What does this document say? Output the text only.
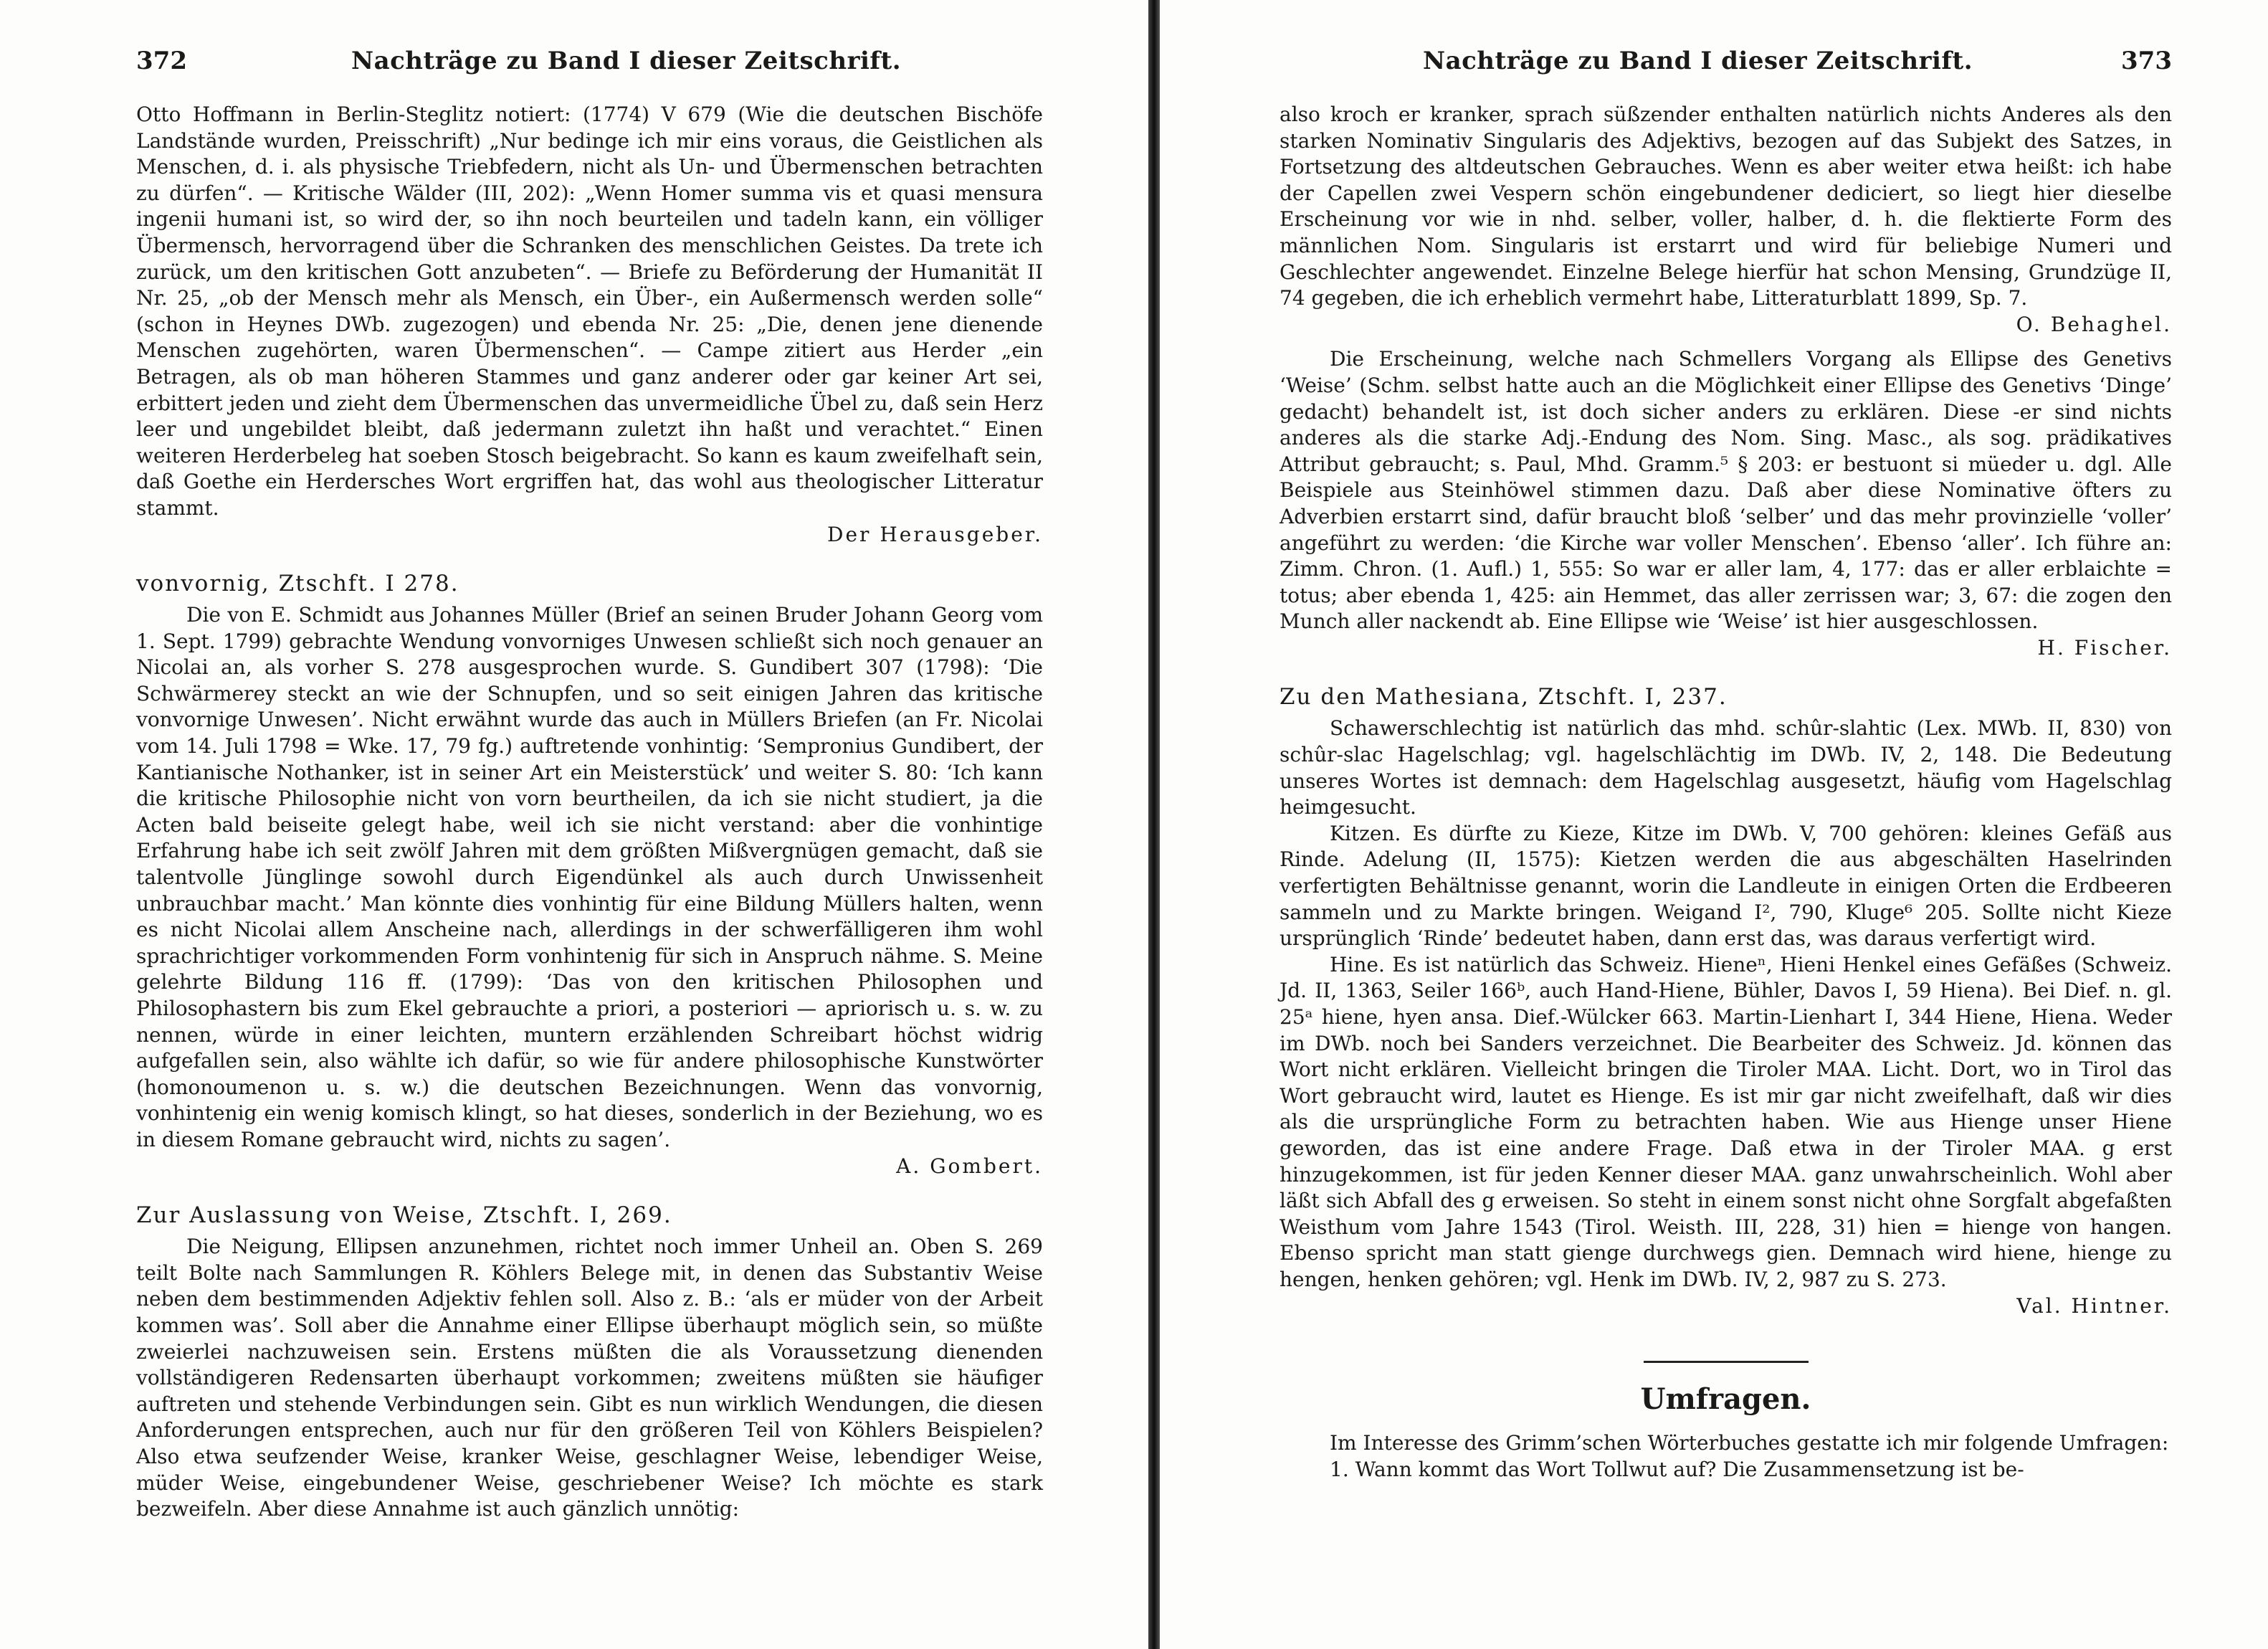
372	Nachträge zu Band I dieser Zeitschrift.

Otto Hoffmann in Berlin-Steglitz notiert: (1774) V 679 (Wie die deutschen Bischöfe Landstände wurden, Preisschrift) „Nur bedinge ich mir eins voraus, die Geistlichen als Menschen, d. i. als physische Triebfedern, nicht als Un- und Übermenschen betrachten zu dürfen“. — Kritische Wälder (III, 202): „Wenn Homer summa vis et quasi mensura ingenii humani ist, so wird der, so ihn noch beurteilen und tadeln kann, ein völliger Übermensch, hervorragend über die Schranken des menschlichen Geistes. Da trete ich zurück, um den kritischen Gott anzubeten“. — Briefe zu Beförderung der Humanität II Nr. 25, „ob der Mensch mehr als Mensch, ein Über-, ein Außermensch werden solle“ (schon in Heynes DWb. zugezogen) und ebenda Nr. 25: „Die, denen jene dienende Menschen zugehörten, waren Übermenschen“. — Campe zitiert aus Herder „ein Betragen, als ob man höheren Stammes und ganz anderer oder gar keiner Art sei, erbittert jeden und zieht dem Übermenschen das unvermeidliche Übel zu, daß sein Herz leer und ungebildet bleibt, daß jedermann zuletzt ihn haßt und verachtet.“ Einen weiteren Herderbeleg hat soeben Stosch beigebracht. So kann es kaum zweifelhaft sein, daß Goethe ein Herdersches Wort ergriffen hat, das wohl aus theologischer Litteratur stammt.

Der Herausgeber.

vonvornig, Ztschft. I 278.

Die von E. Schmidt aus Johannes Müller (Brief an seinen Bruder Johann Georg vom 1. Sept. 1799) gebrachte Wendung vonvorniges Unwesen schließt sich noch genauer an Nicolai an, als vorher S. 278 ausgesprochen wurde. S. Gundibert 307 (1798): ‘Die Schwärmerey steckt an wie der Schnupfen, und so seit einigen Jahren das kritische vonvornige Unwesen’. Nicht erwähnt wurde das auch in Müllers Briefen (an Fr. Nicolai vom 14. Juli 1798 = Wke. 17, 79 fg.) auftretende vonhintig: ‘Sempronius Gundibert, der Kantianische Nothanker, ist in seiner Art ein Meisterstück’ und weiter S. 80: ‘Ich kann die kritische Philosophie nicht von vorn beurtheilen, da ich sie nicht studiert, ja die Acten bald beiseite gelegt habe, weil ich sie nicht verstand: aber die vonhintige Erfahrung habe ich seit zwölf Jahren mit dem größten Mißvergnügen gemacht, daß sie talentvolle Jünglinge sowohl durch Eigendünkel als auch durch Unwissenheit unbrauchbar macht.’ Man könnte dies vonhintig für eine Bildung Müllers halten, wenn es nicht Nicolai allem Anscheine nach, allerdings in der schwerfälligeren ihm wohl sprachrichtiger vorkommenden Form vonhintenig für sich in Anspruch nähme. S. Meine gelehrte Bildung 116 ff. (1799): ‘Das von den kritischen Philosophen und Philosophastern bis zum Ekel gebrauchte a priori, a posteriori — apriorisch u. s. w. zu nennen, würde in einer leichten, muntern erzählenden Schreibart höchst widrig aufgefallen sein, also wählte ich dafür, so wie für andere philosophische Kunstwörter (homonoumenon u. s. w.) die deutschen Bezeichnungen. Wenn das vonvornig, vonhintenig ein wenig komisch klingt, so hat dieses, sonderlich in der Beziehung, wo es in diesem Romane gebraucht wird, nichts zu sagen’.

A. Gombert.

Zur Auslassung von Weise, Ztschft. I, 269.

Die Neigung, Ellipsen anzunehmen, richtet noch immer Unheil an. Oben S. 269 teilt Bolte nach Sammlungen R. Köhlers Belege mit, in denen das Substantiv Weise neben dem bestimmenden Adjektiv fehlen soll. Also z. B.: ‘als er müder von der Arbeit kommen was’. Soll aber die Annahme einer Ellipse überhaupt möglich sein, so müßte zweierlei nachzuweisen sein. Erstens müßten die als Voraussetzung dienenden vollständigeren Redensarten überhaupt vorkommen; zweitens müßten sie häufiger auftreten und stehende Verbindungen sein. Gibt es nun wirklich Wendungen, die diesen Anforderungen entsprechen, auch nur für den größeren Teil von Köhlers Beispielen? Also etwa seufzender Weise, kranker Weise, geschlagner Weise, lebendiger Weise, müder Weise, eingebundener Weise, geschriebener Weise? Ich möchte es stark bezweifeln. Aber diese Annahme ist auch gänzlich unnötig:

Nachträge zu Band I dieser Zeitschrift.	373

also kroch er kranker, sprach süßzender enthalten natürlich nichts Anderes als den starken Nominativ Singularis des Adjektivs, bezogen auf das Subjekt des Satzes, in Fortsetzung des altdeutschen Gebrauches. Wenn es aber weiter etwa heißt: ich habe der Capellen zwei Vespern schön eingebundener dediciert, so liegt hier dieselbe Erscheinung vor wie in nhd. selber, voller, halber, d. h. die flektierte Form des männlichen Nom. Singularis ist erstarrt und wird für beliebige Numeri und Geschlechter angewendet. Einzelne Belege hierfür hat schon Mensing, Grundzüge II, 74 gegeben, die ich erheblich vermehrt habe, Litteraturblatt 1899, Sp. 7.

O. Behaghel.

Die Erscheinung, welche nach Schmellers Vorgang als Ellipse des Genetivs ‘Weise’ (Schm. selbst hatte auch an die Möglichkeit einer Ellipse des Genetivs ‘Dinge’ gedacht) behandelt ist, ist doch sicher anders zu erklären. Diese -er sind nichts anderes als die starke Adj.-Endung des Nom. Sing. Masc., als sog. prädikatives Attribut gebraucht; s. Paul, Mhd. Gramm.⁵ § 203: er bestuont si müeder u. dgl. Alle Beispiele aus Steinhöwel stimmen dazu. Daß aber diese Nominative öfters zu Adverbien erstarrt sind, dafür braucht bloß ‘selber’ und das mehr provinzielle ‘voller’ angeführt zu werden: ‘die Kirche war voller Menschen’. Ebenso ‘aller’. Ich führe an: Zimm. Chron. (1. Aufl.) 1, 555: So war er aller lam, 4, 177: das er aller erblaichte = totus; aber ebenda 1, 425: ain Hemmet, das aller zerrissen war; 3, 67: die zogen den Munch aller nackendt ab. Eine Ellipse wie ‘Weise’ ist hier ausgeschlossen.

H. Fischer.

Zu den Mathesiana, Ztschft. I, 237.

Schawerschlechtig ist natürlich das mhd. schûr-slahtic (Lex. MWb. II, 830) von schûr-slac Hagelschlag; vgl. hagelschlächtig im DWb. IV, 2, 148. Die Bedeutung unseres Wortes ist demnach: dem Hagelschlag ausgesetzt, häufig vom Hagelschlag heimgesucht.

Kitzen. Es dürfte zu Kieze, Kitze im DWb. V, 700 gehören: kleines Gefäß aus Rinde. Adelung (II, 1575): Kietzen werden die aus abgeschälten Haselrinden verfertigten Behältnisse genannt, worin die Landleute in einigen Orten die Erdbeeren sammeln und zu Markte bringen. Weigand I², 790, Kluge⁶ 205. Sollte nicht Kieze ursprünglich ‘Rinde’ bedeutet haben, dann erst das, was daraus verfertigt wird.

Hine. Es ist natürlich das Schweiz. Hieneⁿ, Hieni Henkel eines Gefäßes (Schweiz. Jd. II, 1363, Seiler 166ᵇ, auch Hand-Hiene, Bühler, Davos I, 59 Hiena). Bei Dief. n. gl. 25ᵃ hiene, hyen ansa. Dief.-Wülcker 663. Martin-Lienhart I, 344 Hiene, Hiena. Weder im DWb. noch bei Sanders verzeichnet. Die Bearbeiter des Schweiz. Jd. können das Wort nicht erklären. Vielleicht bringen die Tiroler MAA. Licht. Dort, wo in Tirol das Wort gebraucht wird, lautet es Hienge. Es ist mir gar nicht zweifelhaft, daß wir dies als die ursprüngliche Form zu betrachten haben. Wie aus Hienge unser Hiene geworden, das ist eine andere Frage. Daß etwa in der Tiroler MAA. g erst hinzugekommen, ist für jeden Kenner dieser MAA. ganz unwahrscheinlich. Wohl aber läßt sich Abfall des g erweisen. So steht in einem sonst nicht ohne Sorgfalt abgefaßten Weisthum vom Jahre 1543 (Tirol. Weisth. III, 228, 31) hien = hienge von hangen. Ebenso spricht man statt gienge durchwegs gien. Demnach wird hiene, hienge zu hengen, henken gehören; vgl. Henk im DWb. IV, 2, 987 zu S. 273.

Val. Hintner.

Umfragen.

Im Interesse des Grimm’schen Wörterbuches gestatte ich mir folgende Umfragen:

1. Wann kommt das Wort Tollwut auf? Die Zusammensetzung ist be-
